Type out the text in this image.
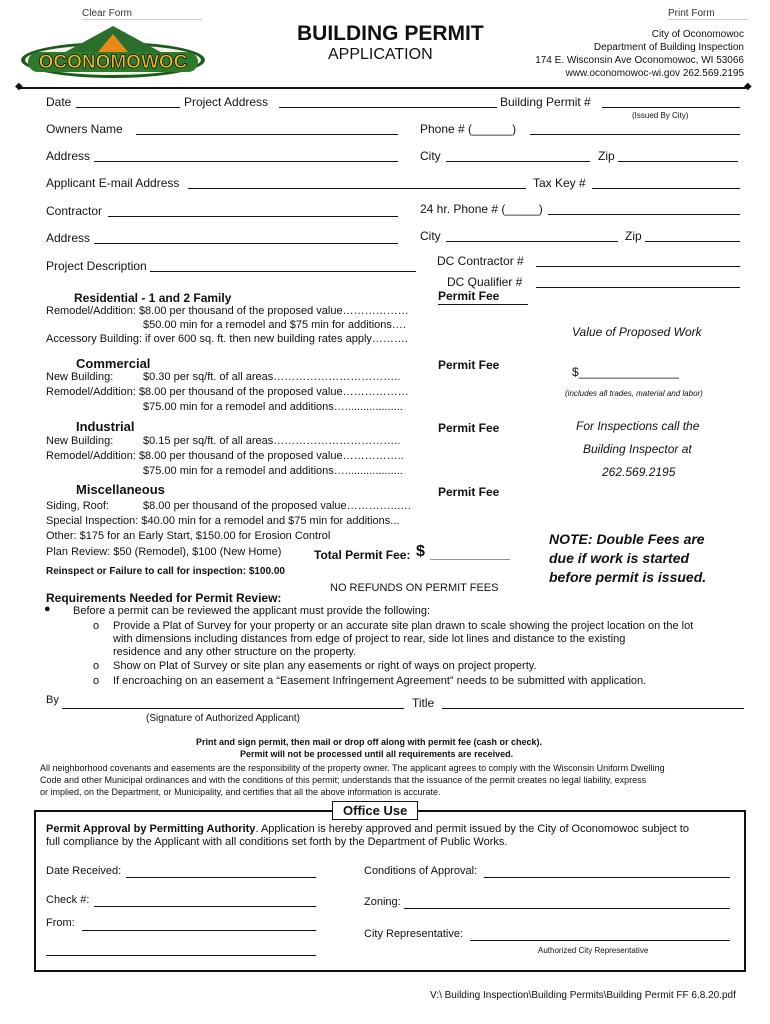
Clear Form	Print Form
OCONOMOWOC
BUILDING PERMIT
APPLICATION
City of Oconomowoc
Department of Building Inspection
174 E. Wisconsin Ave Oconomowoc, WI 53066
www.oconomowoc-wi.gov 262.569.2195
◆	◆
Date	Project Address	Building Permit #
(Issued By City)
Owners Name	Phone # (______)
Address	City	Zip
Applicant E-mail Address	Tax Key #
Contractor	24 hr. Phone # (_____)
Address	City	Zip
Project Description	DC Contractor #
DC Qualifier #
Residential - 1 and 2 Family	Permit Fee
Remodel/Addition: $8.00 per thousand of the proposed value………………
$50.00 min for a remodel and $75 min for additions….
Accessory Building: if over 600 sq. ft. then new building rates apply……….
Commercial	Permit Fee
New Building:	$0.30 per sq/ft. of all areas……………………………..
Remodel/Addition: $8.00 per thousand of the proposed value………………
$75.00 min for a remodel and additions…...................
Industrial	Permit Fee
New Building:	$0.15 per sq/ft. of all areas……………………………..
Remodel/Addition: $8.00 per thousand of the proposed value……………..
$75.00 min for a remodel and additions…...................
Miscellaneous	Permit Fee
Siding, Roof:	$8.00 per thousand of the proposed value…………..….
Special Inspection: $40.00 min for a remodel and $75 min for additions...
Other: $175 for an Early Start, $150.00 for Erosion Control
Plan Review: $50 (Remodel), $100 (New Home)	Total Permit Fee: $ ____________
Reinspect or Failure to call for inspection: $100.00
NO REFUNDS ON PERMIT FEES
Value of Proposed Work
$_______________
(includes all trades, material and labor)
For Inspections call the
Building Inspector at
262.569.2195
NOTE: Double Fees are
due if work is started
before permit is issued.
Requirements Needed for Permit Review:
● Before a permit can be reviewed the applicant must provide the following:
o Provide a Plat of Survey for your property or an accurate site plan drawn to scale showing the project location on the lot
with dimensions including distances from edge of project to rear, side lot lines and distance to the existing
residence and any other structure on the property.
o Show on Plat of Survey or site plan any easements or right of ways on project property.
o If encroaching on an easement a “Easement Infringement Agreement” needs to be submitted with application.
By	Title
(Signature of Authorized Applicant)
Print and sign permit, then mail or drop off along with permit fee (cash or check).
Permit will not be processed until all requirements are received.
All neighborhood covenants and easements are the responsibility of the property owner. The applicant agrees to comply with the Wisconsin Uniform Dwelling
Code and other Municipal ordinances and with the conditions of this permit; understands that the issuance of the permit creates no legal liability, express
or implied, on the Department, or Municipality, and certifies that all the above information is accurate.
Office Use
Permit Approval by Permitting Authority. Application is hereby approved and permit issued by the City of Oconomowoc subject to
full compliance by the Applicant with all conditions set forth by the Department of Public Works.
Date Received:	Conditions of Approval:
Check #:	Zoning:
From:
City Representative:
Authorized City Representative
V:\ Building Inspection\Building Permits\Building Permit FF 6.8.20.pdf
